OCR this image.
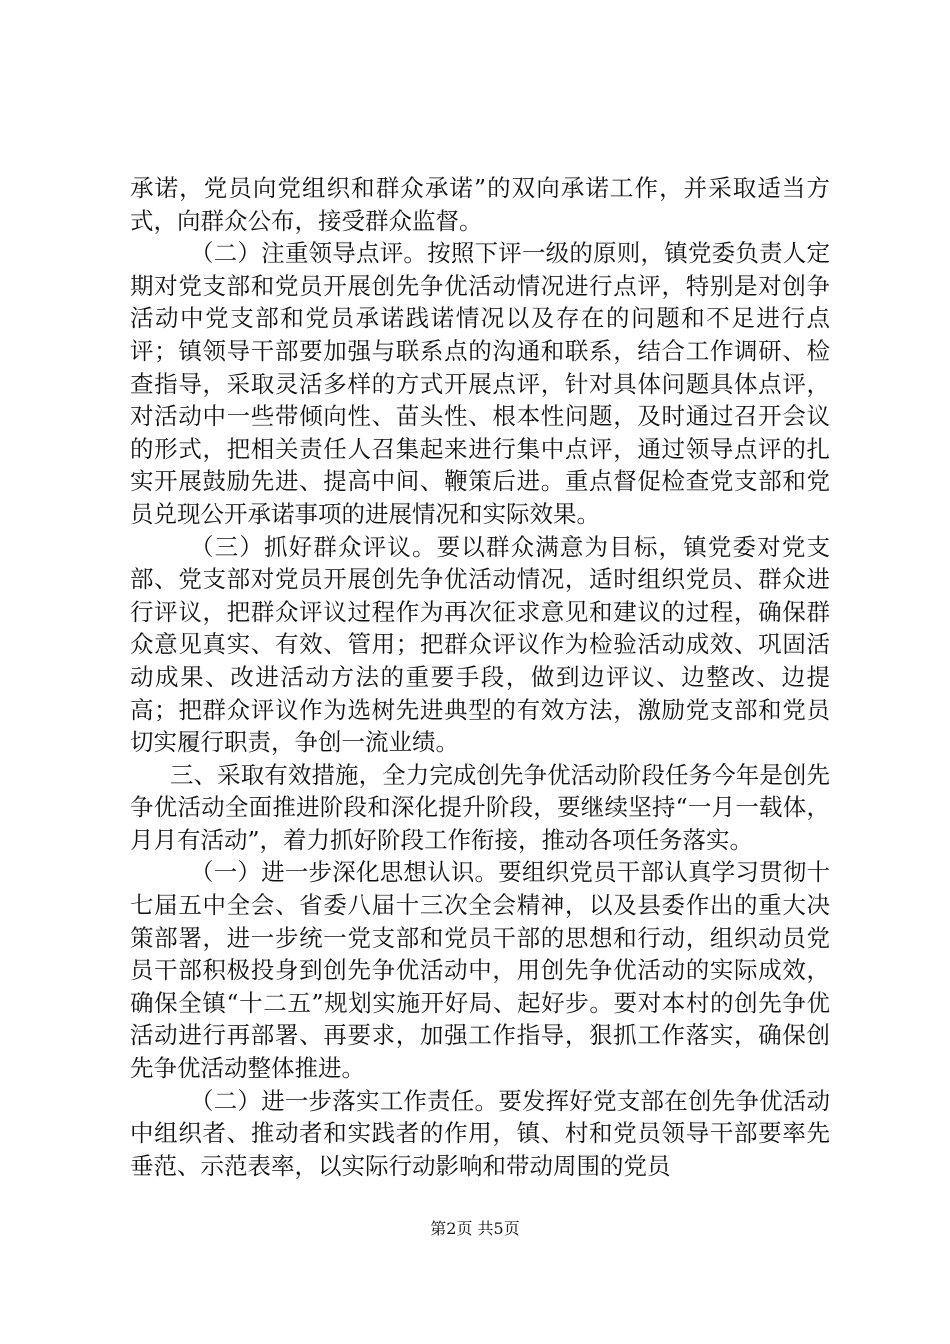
承诺，党员向党组织和群众承诺”的双向承诺工作，并采取适当方式，向群众公布，接受群众监督。

（二）注重领导点评。按照下评一级的原则，镇党委负责人定期对党支部和党员开展创先争优活动情况进行点评，特别是对创争活动中党支部和党员承诺践诺情况以及存在的问题和不足进行点评；镇领导干部要加强与联系点的沟通和联系，结合工作调研、检查指导，采取灵活多样的方式开展点评，针对具体问题具体点评，对活动中一些带倾向性、苗头性、根本性问题，及时通过召开会议的形式，把相关责任人召集起来进行集中点评，通过领导点评的扎实开展鼓励先进、提高中间、鞭策后进。重点督促检查党支部和党员兑现公开承诺事项的进展情况和实际效果。

（三）抓好群众评议。要以群众满意为目标，镇党委对党支部、党支部对党员开展创先争优活动情况，适时组织党员、群众进行评议，把群众评议过程作为再次征求意见和建议的过程，确保群众意见真实、有效、管用；把群众评议作为检验活动成效、巩固活动成果、改进活动方法的重要手段，做到边评议、边整改、边提高；把群众评议作为选树先进典型的有效方法，激励党支部和党员切实履行职责，争创一流业绩。

三、采取有效措施，全力完成创先争优活动阶段任务今年是创先争优活动全面推进阶段和深化提升阶段，要继续坚持“一月一载体，月月有活动”，着力抓好阶段工作衔接，推动各项任务落实。

（一）进一步深化思想认识。要组织党员干部认真学习贯彻十七届五中全会、省委八届十三次全会精神，以及县委作出的重大决策部署，进一步统一党支部和党员干部的思想和行动，组织动员党员干部积极投身到创先争优活动中，用创先争优活动的实际成效，确保全镇“十二五”规划实施开好局、起好步。要对本村的创先争优活动进行再部署、再要求，加强工作指导，狠抓工作落实，确保创先争优活动整体推进。

（二）进一步落实工作责任。要发挥好党支部在创先争优活动中组织者、推动者和实践者的作用，镇、村和党员领导干部要率先垂范、示范表率，以实际行动影响和带动周围的党员

第2页 共5页
